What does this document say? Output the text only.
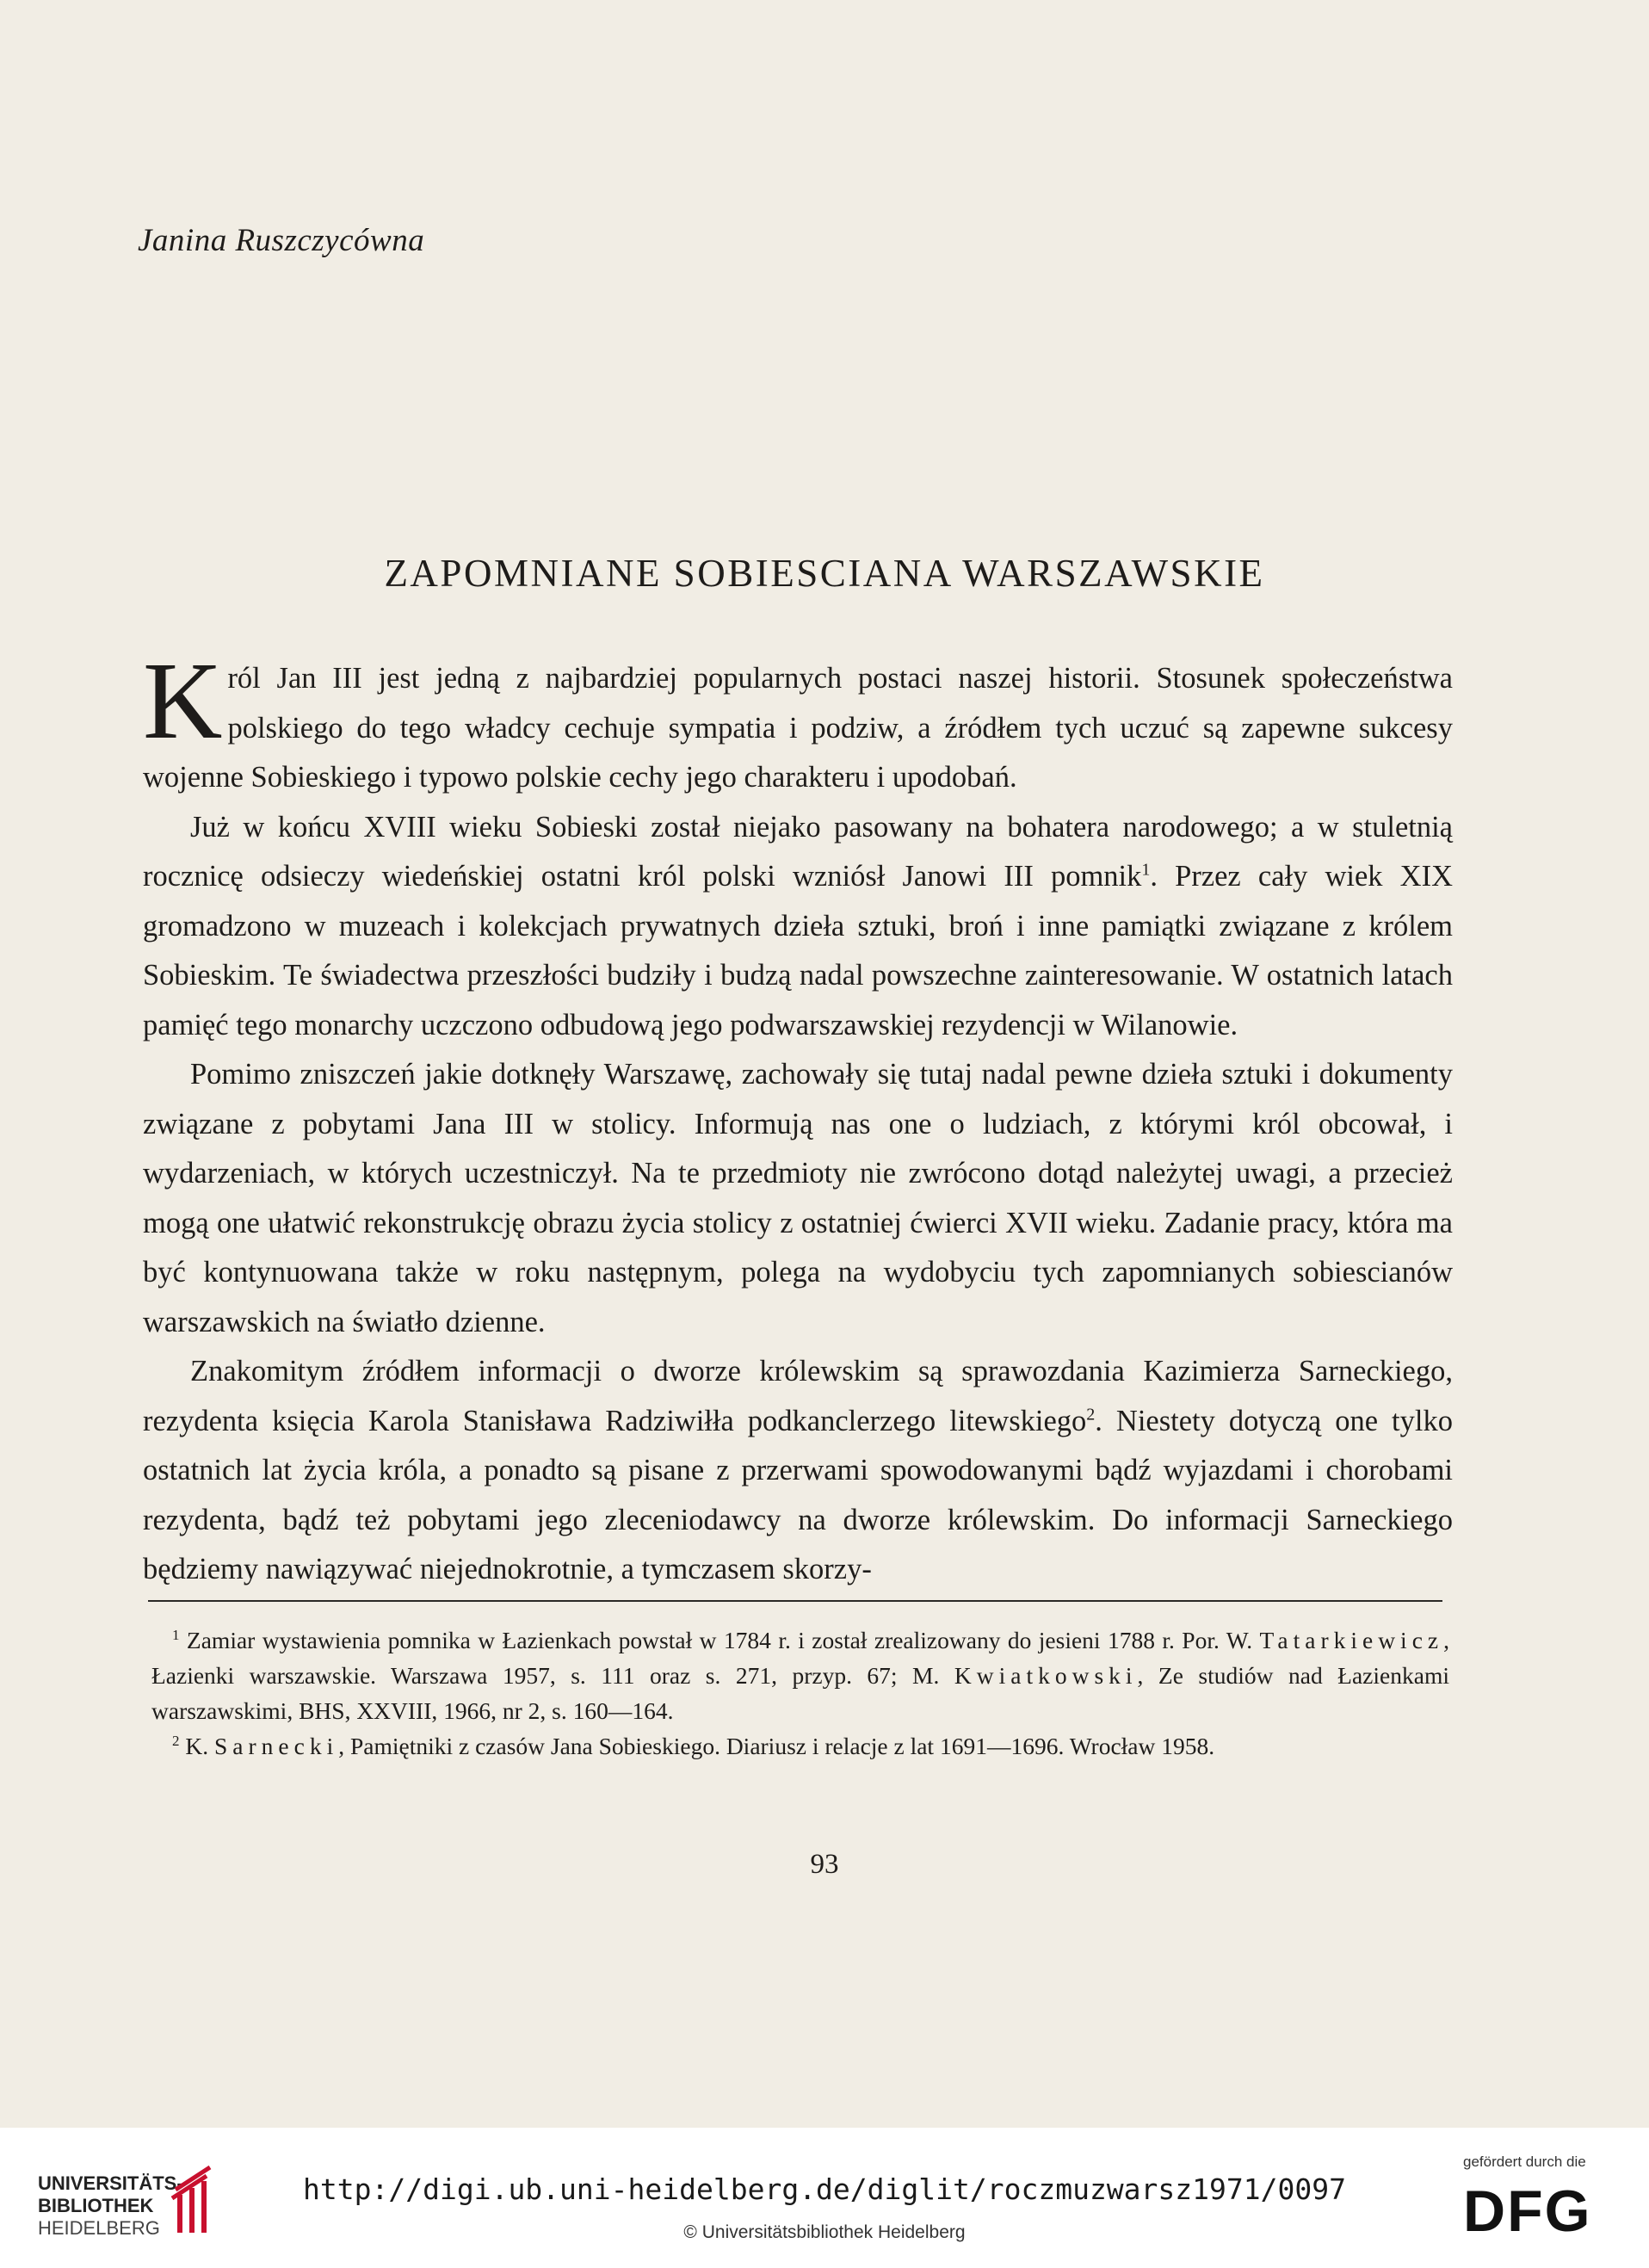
Janina Ruszczycówna
ZAPOMNIANE SOBIESCIANA WARSZAWSKIE

Król Jan III jest jedną z najbardziej popularnych postaci naszej historii. Stosunek społeczeństwa polskiego do tego władcy cechuje sympatia i podziw, a źródłem tych uczuć są zapewne sukcesy wojenne Sobieskiego i typowo polskie cechy jego charakteru i upodobań.

Już w końcu XVIII wieku Sobieski został niejako pasowany na bohatera narodowego; a w stuletnią rocznicę odsieczy wiedeńskiej ostatni król polski wzniósł Janowi III pomnik$^1$. Przez cały wiek XIX gromadzono w muzeach i kolekcjach prywatnych dzieła sztuki, broń i inne pamiątki związane z królem Sobieskim. Te świadectwa przeszłości budziły i budzą nadal powszechne zainteresowanie. W ostatnich latach pamięć tego monarchy uczczono odbudową jego podwarszawskiej rezydencji w Wilanowie.

Pomimo zniszczeń jakie dotknęły Warszawę, zachowały się tutaj nadal pewne dzieła sztuki i dokumenty związane z pobytami Jana III w stolicy. Informują nas one o ludziach, z którymi król obcował, i wydarzeniach, w których uczestniczył. Na te przedmioty nie zwrócono dotąd należytej uwagi, a przecież mogą one ułatwić rekonstrukcję obrazu życia stolicy z ostatniej ćwierci XVII wieku. Zadanie pracy, która ma być kontynuowana także w roku następnym, polega na wydobyciu tych zapomnianych sobiescianów warszawskich na światło dzienne.

Znakomitym źródłem informacji o dworze królewskim są sprawozdania Kazimierza Sarneckiego, rezydenta księcia Karola Stanisława Radziwiłła podkanclerzego litewskiego$^2$. Niestety dotyczą one tylko ostatnich lat życia króla, a ponadto są pisane z przerwami spowodowanymi bądź wyjazdami i chorobami rezydenta, bądź też pobytami jego zleceniodawcy na dworze królewskim. Do informacji Sarneckiego będziemy nawiązywać niejednokrotnie, a tymczasem skorzy-

$^1$ Zamiar wystawienia pomnika w Łazienkach powstał w 1784 r. i został zrealizowany do jesieni 1788 r. Por. W. Tatarkiewicz, Łazienki warszawskie. Warszawa 1957, s. 111 oraz s. 271, przyp. 67; M. Kwiatkowski, Ze studiów nad Łazienkami warszawskimi, BHS, XXVIII, 1966, nr 2, s. 160—164.

$^2$ K. Sarnecki, Pamiętniki z czasów Jana Sobieskiego. Diariusz i relacje z lat 1691—1696. Wrocław 1958.

93
UNIVERSITÄTS-
BIBLIOTHEK
HEIDELBERG
http://digi.ub.uni-heidelberg.de/diglit/roczmuzwarsz1971/0097
© Universitätsbibliothek Heidelberg
gefördert durch die
DFG
